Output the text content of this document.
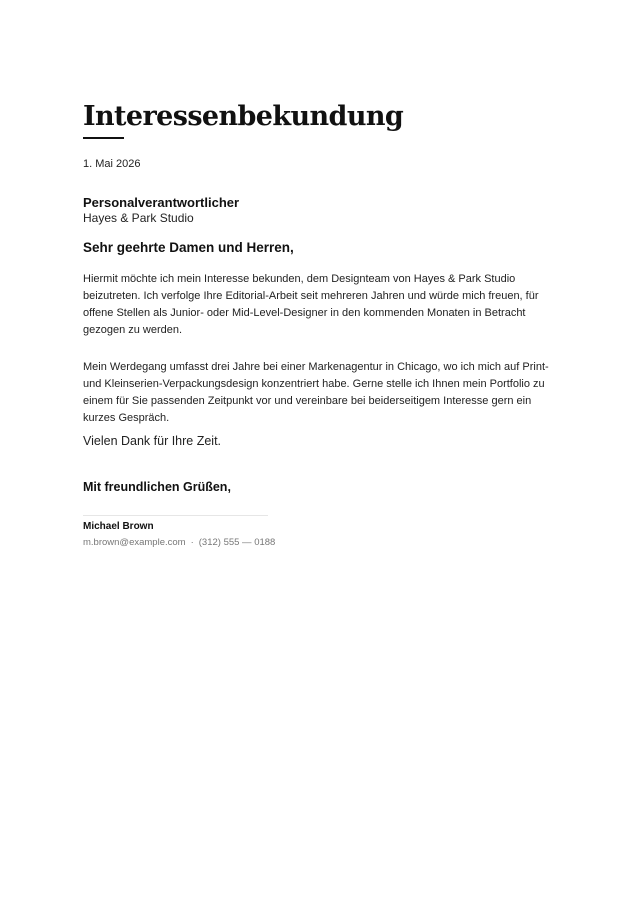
Interessenbekundung
1. Mai 2026
Personalverantwortlicher
Hayes & Park Studio
Sehr geehrte Damen und Herren,

Hiermit möchte ich mein Interesse bekunden, dem Designteam von Hayes & Park Studio beizutreten. Ich verfolge Ihre Editorial-Arbeit seit mehreren Jahren und würde mich freuen, für offene Stellen als Junior- oder Mid-Level-Designer in den kommenden Monaten in Betracht gezogen zu werden.

Mein Werdegang umfasst drei Jahre bei einer Markenagentur in Chicago, wo ich mich auf Print- und Kleinserien-Verpackungsdesign konzentriert habe. Gerne stelle ich Ihnen mein Portfolio zu einem für Sie passenden Zeitpunkt vor und vereinbare bei beiderseitigem Interesse gern ein kurzes Gespräch.

Vielen Dank für Ihre Zeit.
Mit freundlichen Grüßen,
Michael Brown
m.brown@example.com · (312) 555 — 0188
